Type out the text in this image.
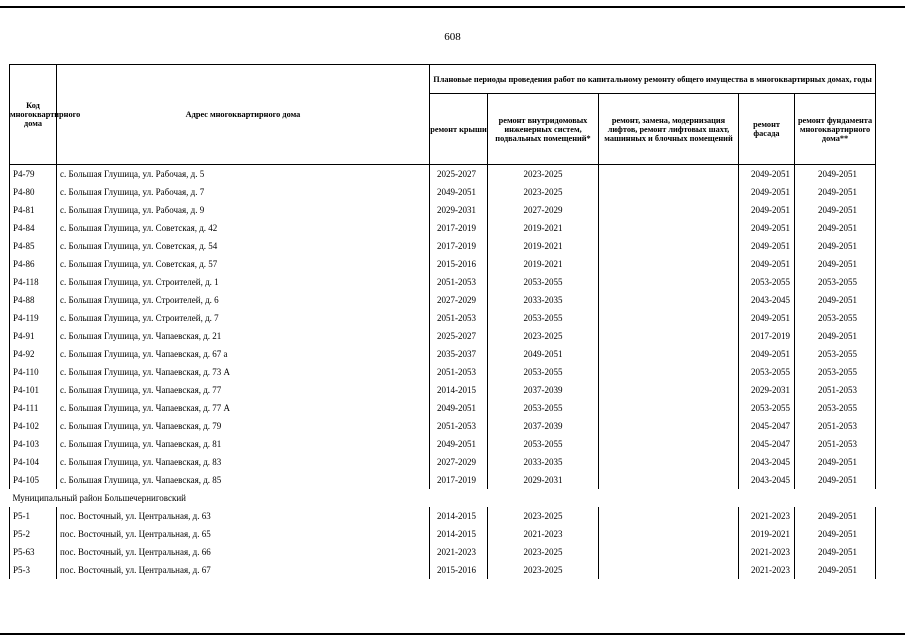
608
Код многоквартирного дома	Адрес многоквартирного дома	Плановые периоды проведения работ по капитальному ремонту общего имущества в многоквартирных домах, годы				
		ремонт крыши	ремонт внутридомовых инженерных систем, подвальных помещений*	ремонт, замена, модернизация лифтов, ремонт лифтовых шахт, машинных и блочных помещений	ремонт фасада	ремонт фундамента многоквартирного дома**
Р4-79	с. Большая Глушица, ул. Рабочая, д. 5	2025-2027	2023-2025		2049-2051	2049-2051
Р4-80	с. Большая Глушица, ул. Рабочая, д. 7	2049-2051	2023-2025		2049-2051	2049-2051
Р4-81	с. Большая Глушица, ул. Рабочая, д. 9	2029-2031	2027-2029		2049-2051	2049-2051
Р4-84	с. Большая Глушица, ул. Советская, д. 42	2017-2019	2019-2021		2049-2051	2049-2051
Р4-85	с. Большая Глушица, ул. Советская, д. 54	2017-2019	2019-2021		2049-2051	2049-2051
Р4-86	с. Большая Глушица, ул. Советская, д. 57	2015-2016	2019-2021		2049-2051	2049-2051
Р4-118	с. Большая Глушица, ул. Строителей, д. 1	2051-2053	2053-2055		2053-2055	2053-2055
Р4-88	с. Большая Глушица, ул. Строителей, д. 6	2027-2029	2033-2035		2043-2045	2049-2051
Р4-119	с. Большая Глушица, ул. Строителей, д. 7	2051-2053	2053-2055		2049-2051	2053-2055
Р4-91	с. Большая Глушица, ул. Чапаевская, д. 21	2025-2027	2023-2025		2017-2019	2049-2051
Р4-92	с. Большая Глушица, ул. Чапаевская, д. 67 а	2035-2037	2049-2051		2049-2051	2053-2055
Р4-110	с. Большая Глушица, ул. Чапаевская, д. 73 А	2051-2053	2053-2055		2053-2055	2053-2055
Р4-101	с. Большая Глушица, ул. Чапаевская, д. 77	2014-2015	2037-2039		2029-2031	2051-2053
Р4-111	с. Большая Глушица, ул. Чапаевская, д. 77 А	2049-2051	2053-2055		2053-2055	2053-2055
Р4-102	с. Большая Глушица, ул. Чапаевская, д. 79	2051-2053	2037-2039		2045-2047	2051-2053
Р4-103	с. Большая Глушица, ул. Чапаевская, д. 81	2049-2051	2053-2055		2045-2047	2051-2053
Р4-104	с. Большая Глушица, ул. Чапаевская, д. 83	2027-2029	2033-2035		2043-2045	2049-2051
Р4-105	с. Большая Глушица, ул. Чапаевская, д. 85	2017-2019	2029-2031		2043-2045	2049-2051
Муниципальный район Большечерниговский						
Р5-1	пос. Восточный, ул. Центральная, д. 63	2014-2015	2023-2025		2021-2023	2049-2051
Р5-2	пос. Восточный, ул. Центральная, д. 65	2014-2015	2021-2023		2019-2021	2049-2051
Р5-63	пос. Восточный, ул. Центральная, д. 66	2021-2023	2023-2025		2021-2023	2049-2051
Р5-3	пос. Восточный, ул. Центральная, д. 67	2015-2016	2023-2025		2021-2023	2049-2051
